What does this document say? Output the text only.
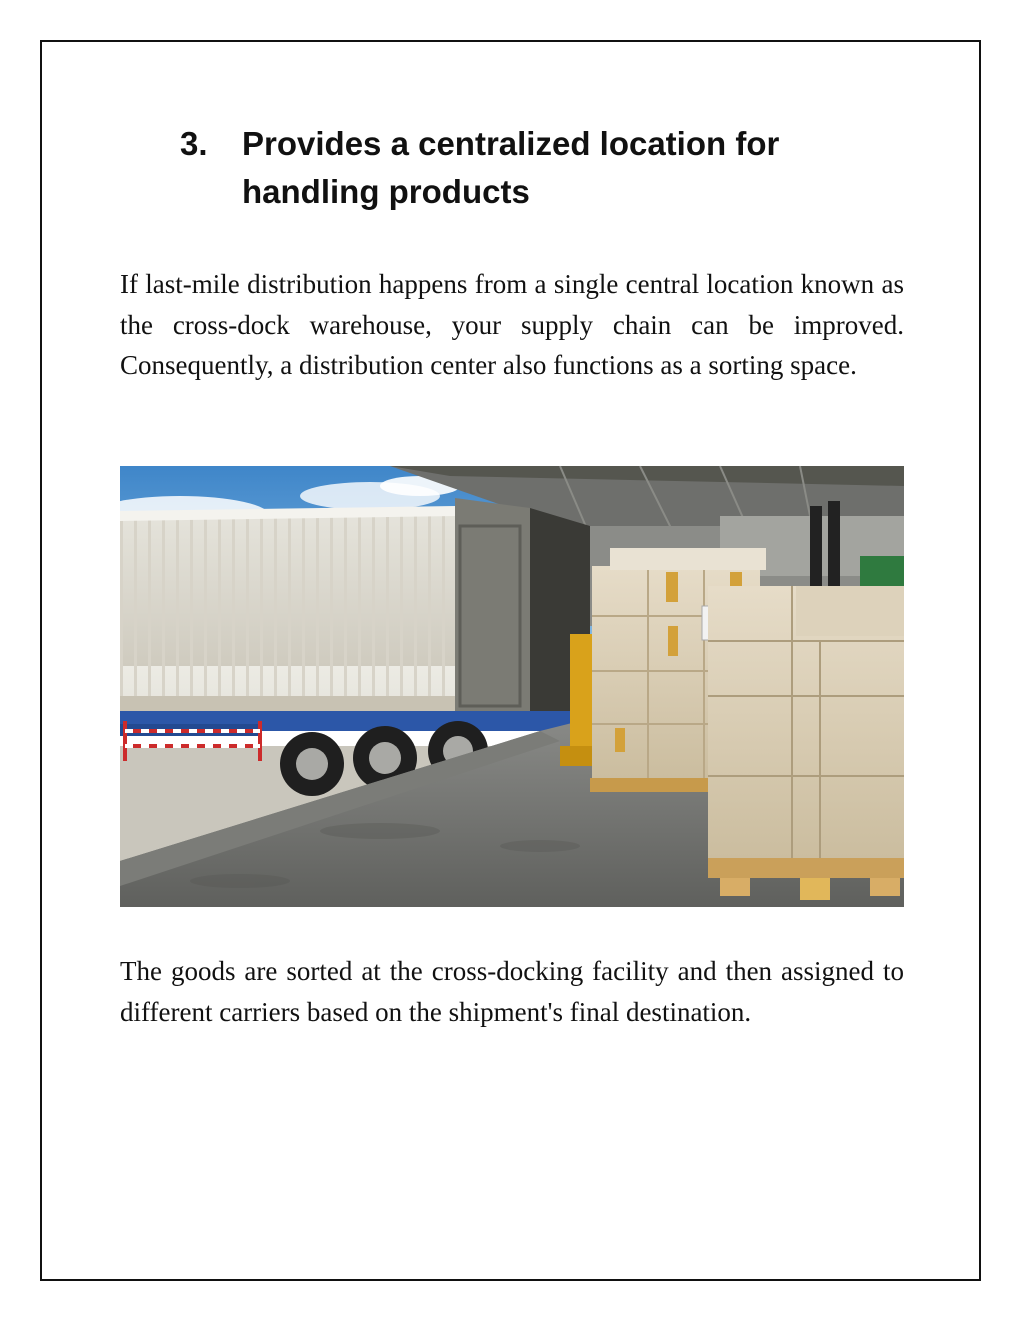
3. Provides a centralized location for handling products
If last-mile distribution happens from a single central location known as the cross-dock warehouse, your supply chain can be improved. Consequently, a distribution center also functions as a sorting space.
The goods are sorted at the cross-docking facility and then assigned to different carriers based on the shipment's final destination.
